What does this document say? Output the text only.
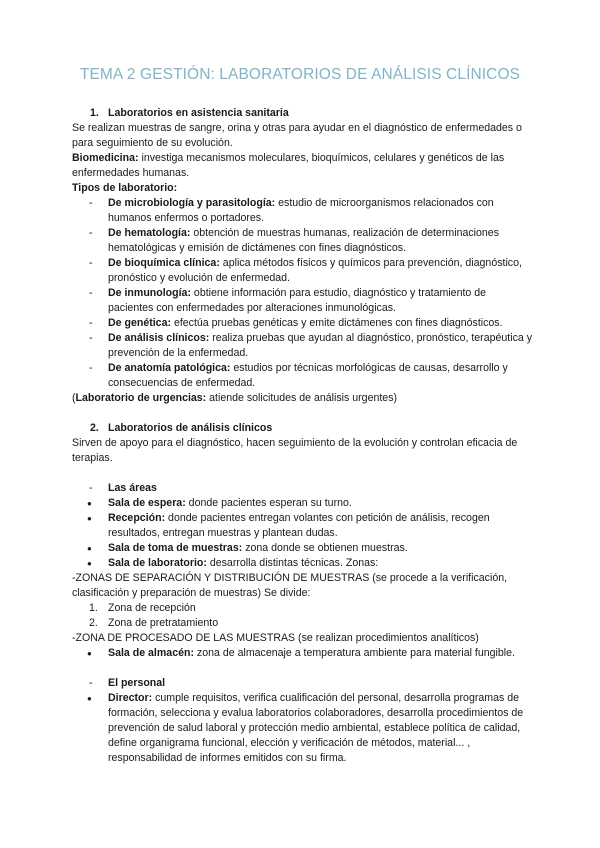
TEMA 2 GESTIÓN: LABORATORIOS DE ANÁLISIS CLÍNICOS

1. Laboratorios en asistencia sanitaria

Se realizan muestras de sangre, orina y otras para ayudar en el diagnóstico de enfermedades o para seguimiento de su evolución.

Biomedicina: investiga mecanismos moleculares, bioquímicos, celulares y genéticos de las enfermedades humanas.

Tipos de laboratorio:

- De microbiología y parasitología: estudio de microorganismos relacionados con humanos enfermos o portadores.
- De hematología: obtención de muestras humanas, realización de determinaciones hematológicas y emisión de dictámenes con fines diagnósticos.
- De bioquímica clínica: aplica métodos físicos y químicos para prevención, diagnóstico, pronóstico y evolución de enfermedad.
- De inmunología: obtiene información para estudio, diagnóstico y tratamiento de pacientes con enfermedades por alteraciones inmunológicas.
- De genética: efectúa pruebas genéticas y emite dictámenes con fines diagnósticos.
- De análisis clínicos: realiza pruebas que ayudan al diagnóstico, pronóstico, terapéutica y prevención de la enfermedad.
- De anatomía patológica: estudios por técnicas morfológicas de causas, desarrollo y consecuencias de enfermedad.

(Laboratorio de urgencias: atiende solicitudes de análisis urgentes)

2. Laboratorios de análisis clínicos

Sirven de apoyo para el diagnóstico, hacen seguimiento de la evolución y controlan eficacia de terapias.

- Las áreas
● Sala de espera: donde pacientes esperan su turno.
● Recepción: donde pacientes entregan volantes con petición de análisis, recogen resultados, entregan muestras y plantean dudas.
● Sala de toma de muestras: zona donde se obtienen muestras.
● Sala de laboratorio: desarrolla distintas técnicas. Zonas:

-ZONAS DE SEPARACIÓN Y DISTRIBUCIÓN DE MUESTRAS (se procede a la verificación, clasificación y preparación de muestras) Se divide:

1. Zona de recepción
2. Zona de pretratamiento

-ZONA DE PROCESADO DE LAS MUESTRAS (se realizan procedimientos analíticos)

● Sala de almacén: zona de almacenaje a temperatura ambiente para material fungible.
- El personal
● Director: cumple requisitos, verifica cualificación del personal, desarrolla programas de formación, selecciona y evalua laboratorios colaboradores, desarrolla procedimientos de prevención de salud laboral y protección medio ambiental, establece política de calidad, define organigrama funcional, elección y verificación de métodos, material... , responsabilidad de informes emitidos con su firma.
